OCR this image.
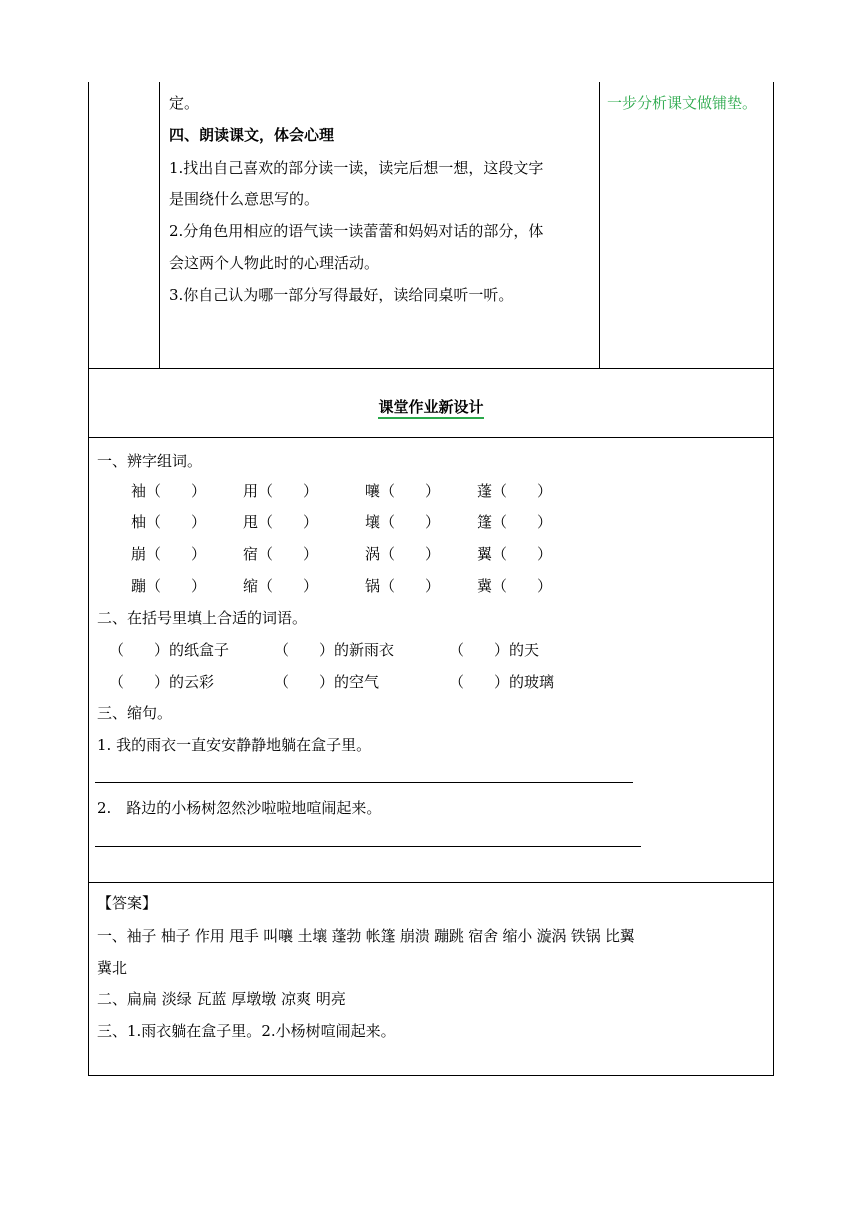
定。
四、朗读课文，体会心理
1.找出自己喜欢的部分读一读，读完后想一想，这段文字
是围绕什么意思写的。
2.分角色用相应的语气读一读蕾蕾和妈妈对话的部分，体
会这两个人物此时的心理活动。
3.你自己认为哪一部分写得最好，读给同桌听一听。
一步分析课文做铺垫。
课堂作业新设计
一、辨字组词。
袖（　　） 用（　　）	嚷（　　） 蓬（　　）
柚（　　） 甩（　　）	壤（　　） 篷（　　）
崩（　　） 宿（　　）	涡（　　） 翼（　　）
蹦（　　） 缩（　　）	锅（　　） 冀（　　）
二、在括号里填上合适的词语。
（　　）的纸盒子	（　　）的新雨衣	（　　）的天
（　　）的云彩	（　　）的空气	（　　）的玻璃
三、缩句。
1. 我的雨衣一直安安静静地躺在盒子里。
2.　路边的小杨树忽然沙啦啦地喧闹起来。
【答案】
一、袖子 柚子 作用 甩手 叫嚷 土壤 蓬勃 帐篷 崩溃 蹦跳 宿舍 缩小 漩涡 铁锅 比翼
冀北
二、扁扁 淡绿 瓦蓝 厚墩墩 凉爽 明亮
三、1.雨衣躺在盒子里。2.小杨树喧闹起来。
